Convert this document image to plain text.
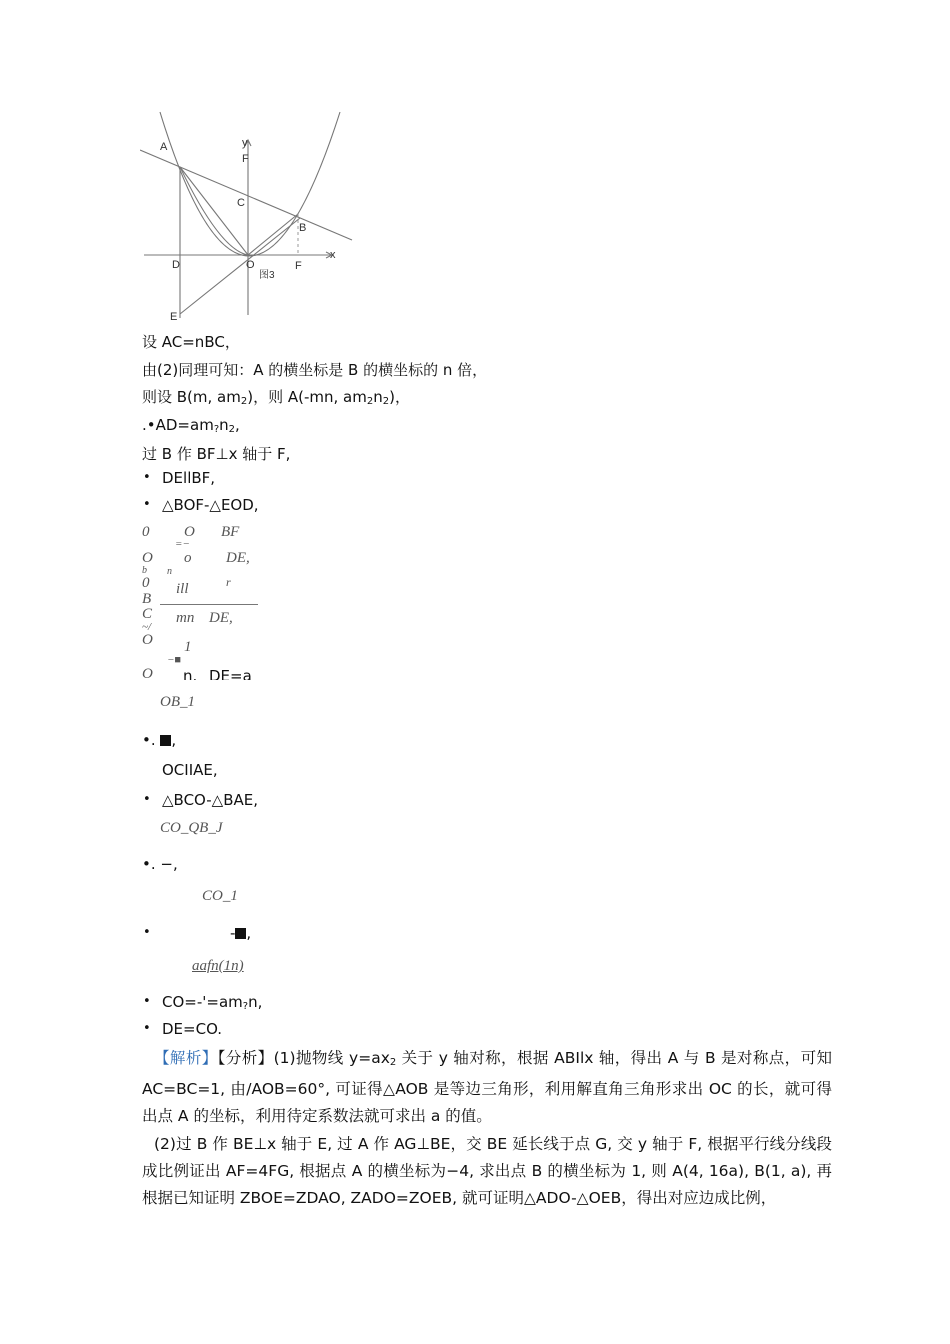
A	y
F
C
B
x
D	O
图3
F
E
设 AC=nBC，
由(2)同理可知：A 的横坐标是 B 的横坐标的 n 倍，
则设 B(m, $am_2$)，则 A(-mn, $am_2n_2$)，
$.•AD=am_?n_2$,
过 B 作 BF⊥x 轴于 F,
• DEllBF,
• △BOF-△EOD,
0 O BF
=−
O o DE,
b n
0	r
ill
B
C mn DE,
~/
O 1
−■
O n. DE=a
OB_1
•. ,
OCIIAE,
• △BCO-△BAE,
CO_QB_J
•. −,
CO_1
•	- ,
aafn(1n)
• $CO=-'=am_?n$,
• DE=CO.
【解析】【分析】(1)抛物线 $y=ax_2$ 关于 y 轴对称，根据 ABIlx 轴，得出 A 与 B 是对称点，可知 AC=BC=1, 由/AOB=60°, 可证得△AOB 是等边三角形，利用解直角三角形求出 OC 的长，就可得出点 A 的坐标，利用待定系数法就可求出 a 的值。
(2)过 B 作 BE⊥x 轴于 E, 过 A 作 AG⊥BE，交 BE 延长线于点 G, 交 y 轴于 F, 根据平行线分线段成比例证出 AF=4FG, 根据点 A 的横坐标为−4, 求出点 B 的横坐标为 1, 则 A(4, 16a), B(1, a), 再根据已知证明 ZBOE=ZDAO, ZADO=ZOEB, 就可证明△ADO-△OEB，得出对应边成比例，
